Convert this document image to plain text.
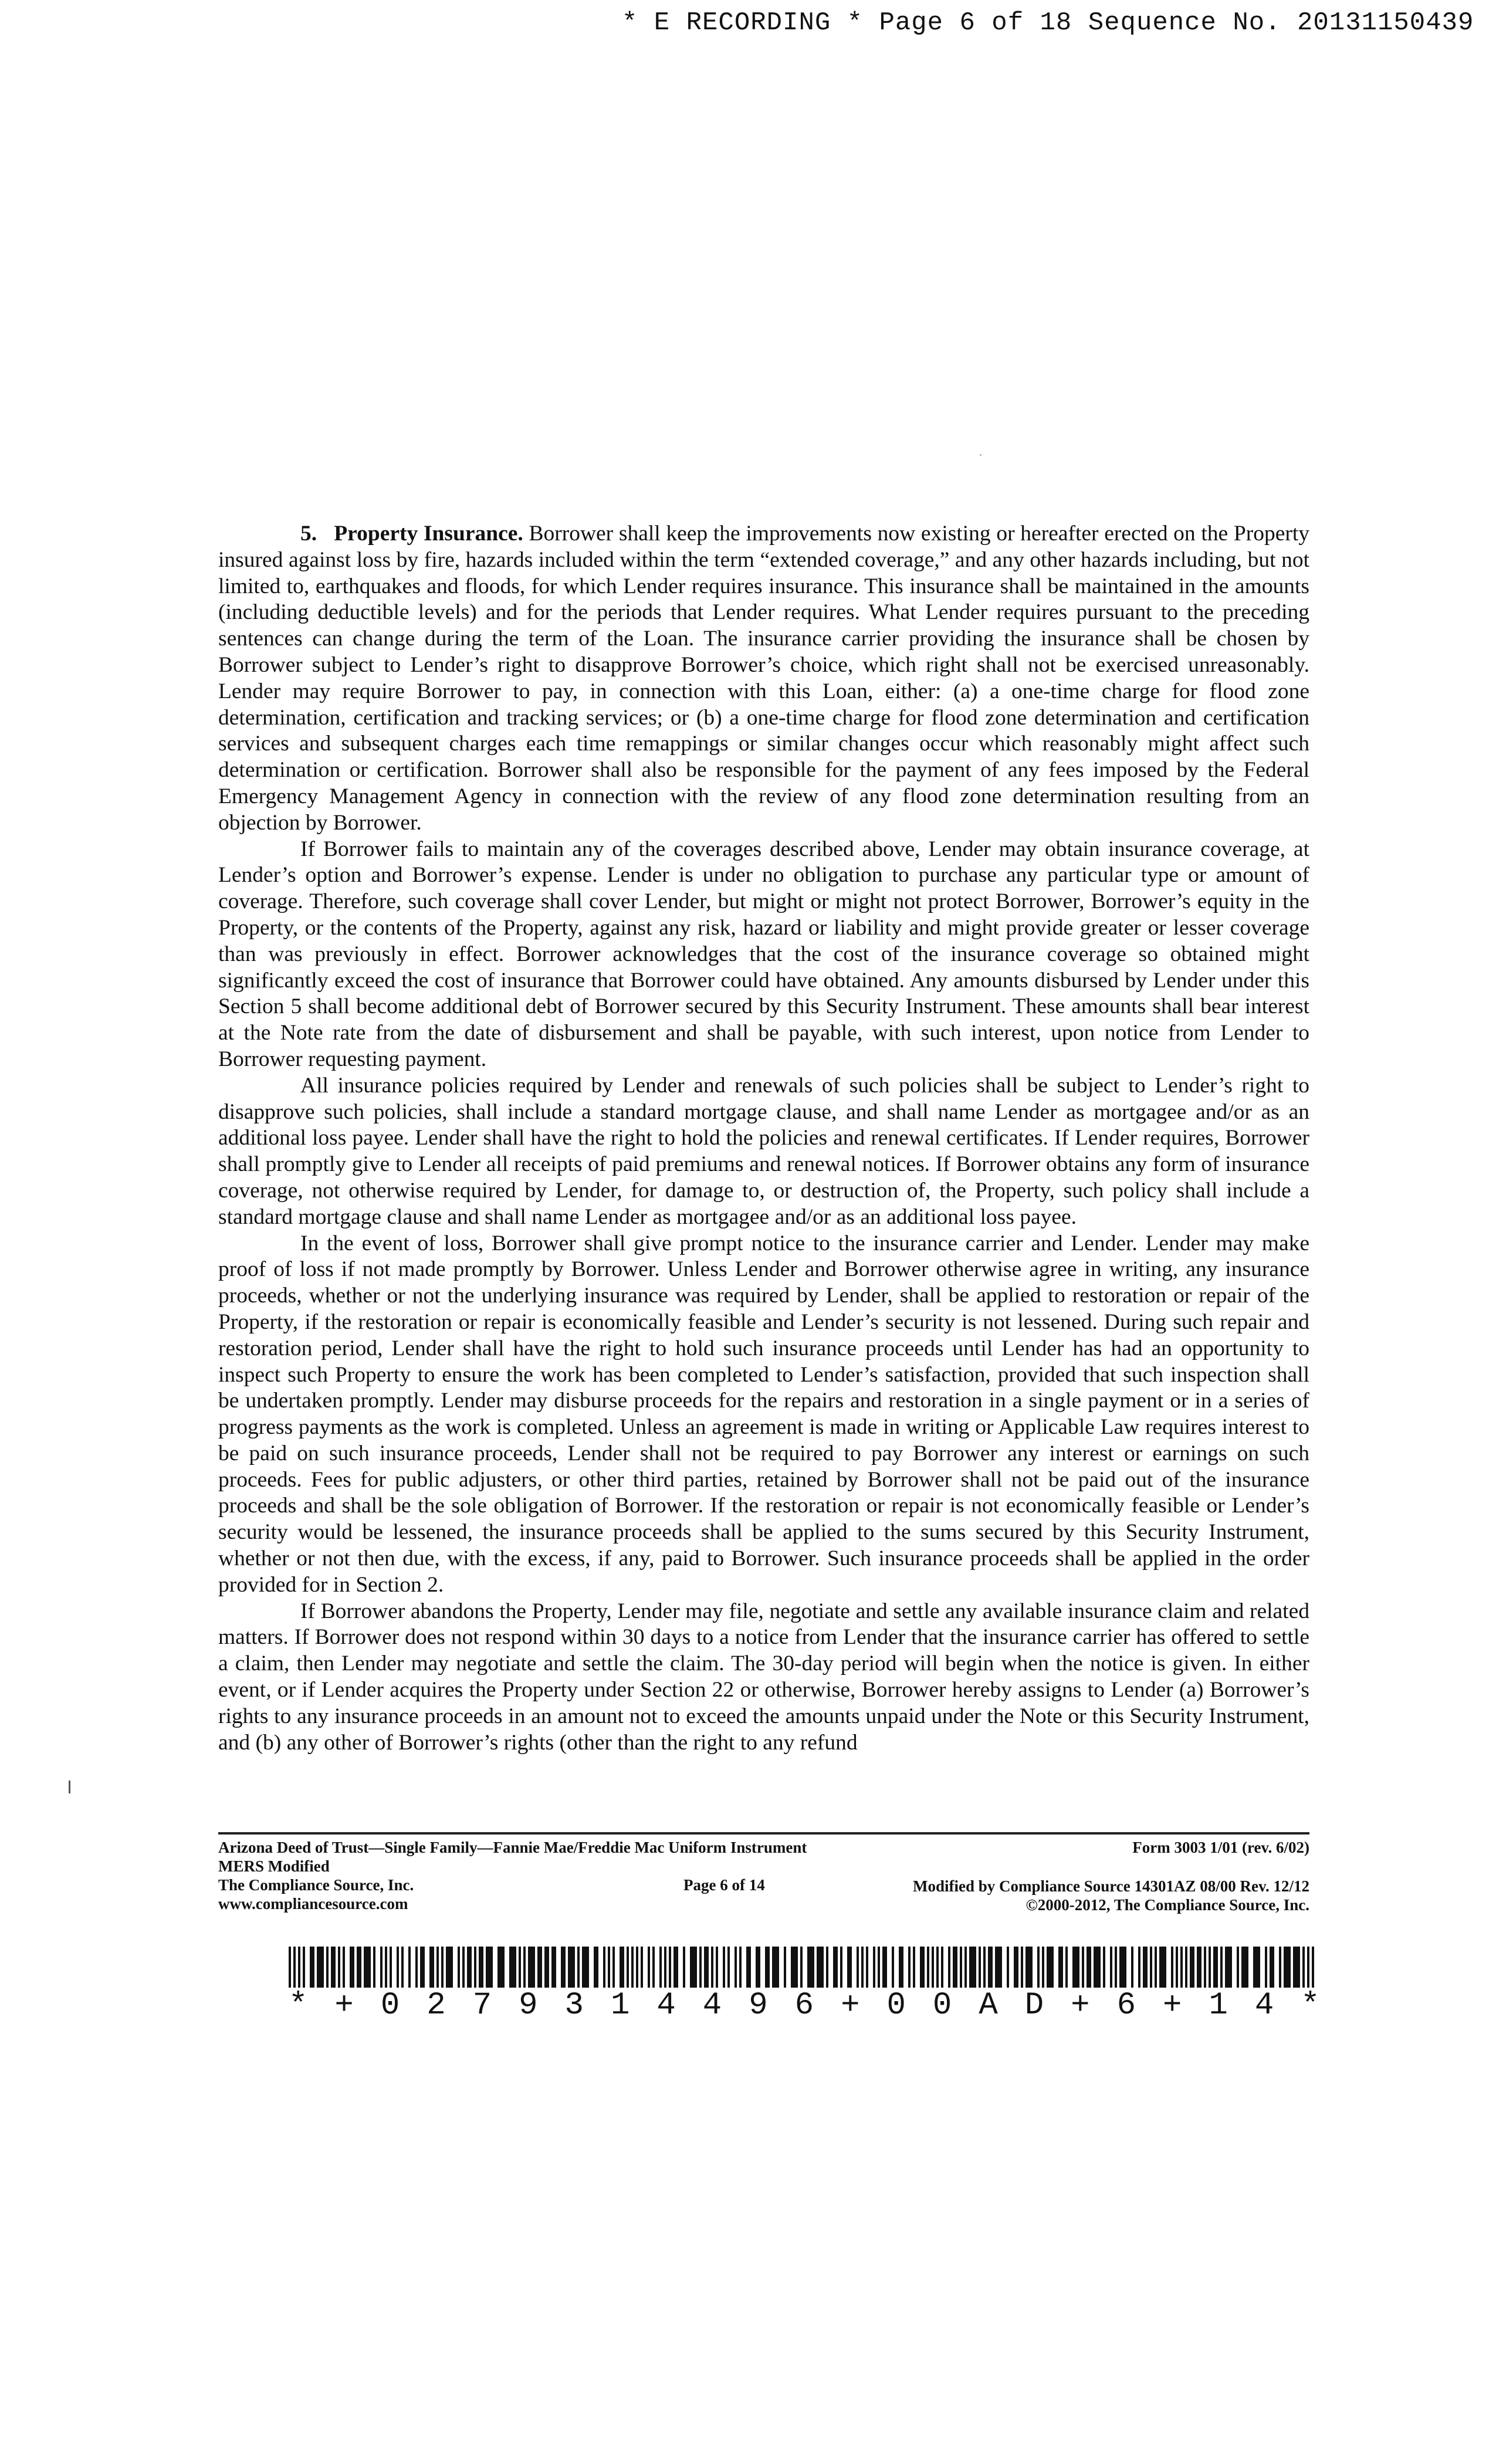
* E RECORDING * Page 6 of 18 Sequence No. 20131150439

5. Property Insurance. Borrower shall keep the improvements now existing or hereafter erected on the Property insured against loss by fire, hazards included within the term “extended coverage,” and any other hazards including, but not limited to, earthquakes and floods, for which Lender requires insurance. This insurance shall be maintained in the amounts (including deductible levels) and for the periods that Lender requires. What Lender requires pursuant to the preceding sentences can change during the term of the Loan. The insurance carrier providing the insurance shall be chosen by Borrower subject to Lender’s right to disapprove Borrower’s choice, which right shall not be exercised unreasonably. Lender may require Borrower to pay, in connection with this Loan, either: (a) a one-time charge for flood zone determination, certification and tracking services; or (b) a one-time charge for flood zone determination and certification services and subsequent charges each time remappings or similar changes occur which reasonably might affect such determination or certification. Borrower shall also be responsible for the payment of any fees imposed by the Federal Emergency Management Agency in connection with the review of any flood zone determination resulting from an objection by Borrower.

If Borrower fails to maintain any of the coverages described above, Lender may obtain insurance coverage, at Lender’s option and Borrower’s expense. Lender is under no obligation to purchase any particular type or amount of coverage. Therefore, such coverage shall cover Lender, but might or might not protect Borrower, Borrower’s equity in the Property, or the contents of the Property, against any risk, hazard or liability and might provide greater or lesser coverage than was previously in effect. Borrower acknowledges that the cost of the insurance coverage so obtained might significantly exceed the cost of insurance that Borrower could have obtained. Any amounts disbursed by Lender under this Section 5 shall become additional debt of Borrower secured by this Security Instrument. These amounts shall bear interest at the Note rate from the date of disbursement and shall be payable, with such interest, upon notice from Lender to Borrower requesting payment.

All insurance policies required by Lender and renewals of such policies shall be subject to Lender’s right to disapprove such policies, shall include a standard mortgage clause, and shall name Lender as mortgagee and/or as an additional loss payee. Lender shall have the right to hold the policies and renewal certificates. If Lender requires, Borrower shall promptly give to Lender all receipts of paid premiums and renewal notices. If Borrower obtains any form of insurance coverage, not otherwise required by Lender, for damage to, or destruction of, the Property, such policy shall include a standard mortgage clause and shall name Lender as mortgagee and/or as an additional loss payee.

In the event of loss, Borrower shall give prompt notice to the insurance carrier and Lender. Lender may make proof of loss if not made promptly by Borrower. Unless Lender and Borrower otherwise agree in writing, any insurance proceeds, whether or not the underlying insurance was required by Lender, shall be applied to restoration or repair of the Property, if the restoration or repair is economically feasible and Lender’s security is not lessened. During such repair and restoration period, Lender shall have the right to hold such insurance proceeds until Lender has had an opportunity to inspect such Property to ensure the work has been completed to Lender’s satisfaction, provided that such inspection shall be undertaken promptly. Lender may disburse proceeds for the repairs and restoration in a single payment or in a series of progress payments as the work is completed. Unless an agreement is made in writing or Applicable Law requires interest to be paid on such insurance proceeds, Lender shall not be required to pay Borrower any interest or earnings on such proceeds. Fees for public adjusters, or other third parties, retained by Borrower shall not be paid out of the insurance proceeds and shall be the sole obligation of Borrower. If the restoration or repair is not economically feasible or Lender’s security would be lessened, the insurance proceeds shall be applied to the sums secured by this Security Instrument, whether or not then due, with the excess, if any, paid to Borrower. Such insurance proceeds shall be applied in the order provided for in Section 2.

If Borrower abandons the Property, Lender may file, negotiate and settle any available insurance claim and related matters. If Borrower does not respond within 30 days to a notice from Lender that the insurance carrier has offered to settle a claim, then Lender may negotiate and settle the claim. The 30-day period will begin when the notice is given. In either event, or if Lender acquires the Property under Section 22 or otherwise, Borrower hereby assigns to Lender (a) Borrower’s rights to any insurance proceeds in an amount not to exceed the amounts unpaid under the Note or this Security Instrument, and (b) any other of Borrower’s rights (other than the right to any refund

Arizona Deed of Trust—Single Family—Fannie Mae/Freddie Mac Uniform Instrument
MERS Modified
The Compliance Source, Inc.
www.compliancesource.com
Page 6 of 14
Form 3003 1/01 (rev. 6/02)
Modified by Compliance Source 14301AZ 08/00 Rev. 12/12
©2000-2012, The Compliance Source, Inc.
* + 0 2 7 9 3 1 4 4 9 6 + 0 0 A D + 6 + 1 4 *
